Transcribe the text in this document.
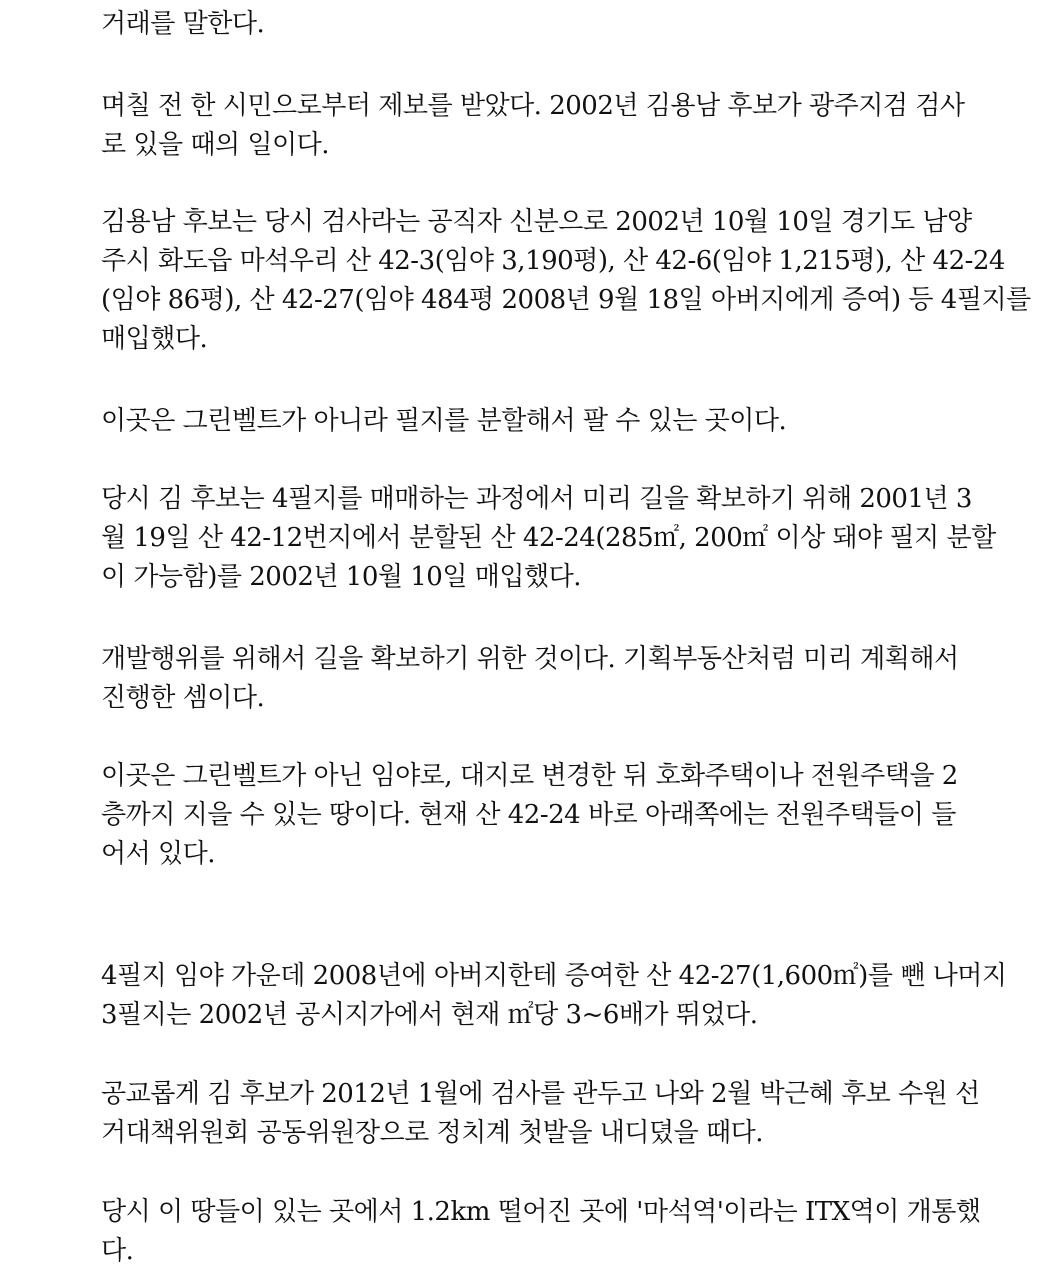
거래를 말한다.

며칠 전 한 시민으로부터 제보를 받았다. 2002년 김용남 후보가 광주지검 검사
로 있을 때의 일이다.

김용남 후보는 당시 검사라는 공직자 신분으로 2002년 10월 10일 경기도 남양
주시 화도읍 마석우리 산 42-3(임야 3,190평), 산 42-6(임야 1,215평), 산 42-24
(임야 86평), 산 42-27(임야 484평 2008년 9월 18일 아버지에게 증여) 등 4필지를
매입했다.

이곳은 그린벨트가 아니라 필지를 분할해서 팔 수 있는 곳이다.

당시 김 후보는 4필지를 매매하는 과정에서 미리 길을 확보하기 위해 2001년 3
월 19일 산 42-12번지에서 분할된 산 42-24(285㎡, 200㎡ 이상 돼야 필지 분할
이 가능함)를 2002년 10월 10일 매입했다.

개발행위를 위해서 길을 확보하기 위한 것이다. 기획부동산처럼 미리 계획해서
진행한 셈이다.

이곳은 그린벨트가 아닌 임야로, 대지로 변경한 뒤 호화주택이나 전원주택을 2
층까지 지을 수 있는 땅이다. 현재 산 42-24 바로 아래쪽에는 전원주택들이 들
어서 있다.

4필지 임야 가운데 2008년에 아버지한테 증여한 산 42-27(1,600㎡)를 뺀 나머지
3필지는 2002년 공시지가에서 현재 ㎡당 3~6배가 뛰었다.

공교롭게 김 후보가 2012년 1월에 검사를 관두고 나와 2월 박근혜 후보 수원 선
거대책위원회 공동위원장으로 정치계 첫발을 내디뎠을 때다.

당시 이 땅들이 있는 곳에서 1.2km 떨어진 곳에 '마석역'이라는 ITX역이 개통했
다.
